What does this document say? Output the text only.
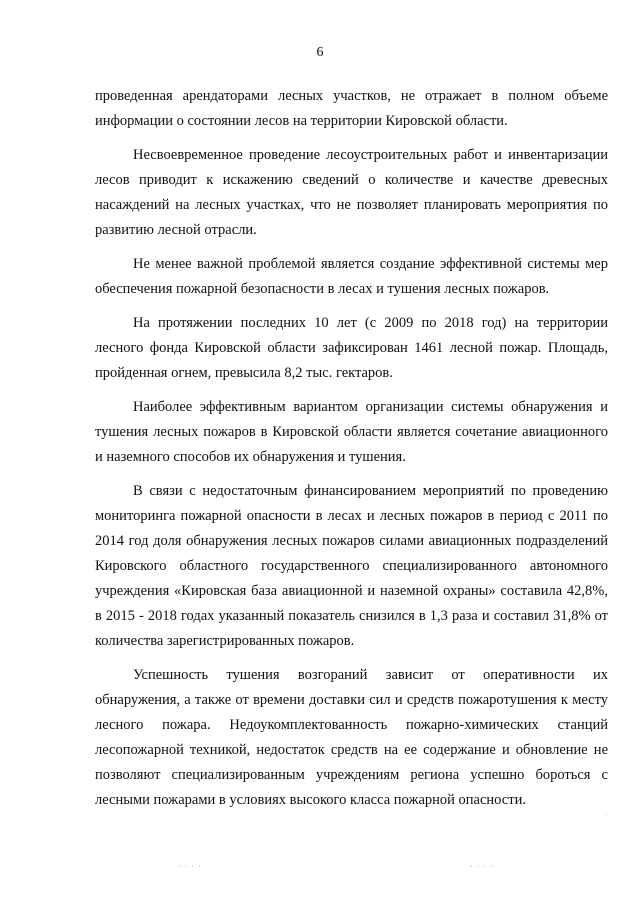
6

проведенная арендаторами лесных участков, не отражает в полном объеме информации о состоянии лесов на территории Кировской области.

Несвоевременное проведение лесоустроительных работ и инвентаризации лесов приводит к искажению сведений о количестве и качестве древесных насаждений на лесных участках, что не позволяет планировать мероприятия по развитию лесной отрасли.

Не менее важной проблемой является создание эффективной системы мер обеспечения пожарной безопасности в лесах и тушения лесных пожаров.

На протяжении последних 10 лет (с 2009 по 2018 год) на территории лесного фонда Кировской области зафиксирован 1461 лесной пожар. Площадь, пройденная огнем, превысила 8,2 тыс. гектаров.

Наиболее эффективным вариантом организации системы обнаружения и тушения лесных пожаров в Кировской области является сочетание авиационного и наземного способов их обнаружения и тушения.

В связи с недостаточным финансированием мероприятий по проведению мониторинга пожарной опасности в лесах и лесных пожаров в период с 2011 по 2014 год доля обнаружения лесных пожаров силами авиационных подразделений Кировского областного государственного специализированного автономного учреждения «Кировская база авиационной и наземной охраны» составила 42,8%, в 2015 - 2018 годах указанный показатель снизился в 1,3 раза и составил 31,8% от количества зарегистрированных пожаров.

Успешность тушения возгораний зависит от оперативности их обнаружения, а также от времени доставки сил и средств пожаротушения к месту лесного пожара. Недоукомплектованность пожарно-химических станций лесопожарной техникой, недостаток средств на ее содержание и обновление не позволяют специализированным учреждениям региона успешно бороться с лесными пожарами в условиях высокого класса пожарной опасности.

· · · ·	· · · ·
·
